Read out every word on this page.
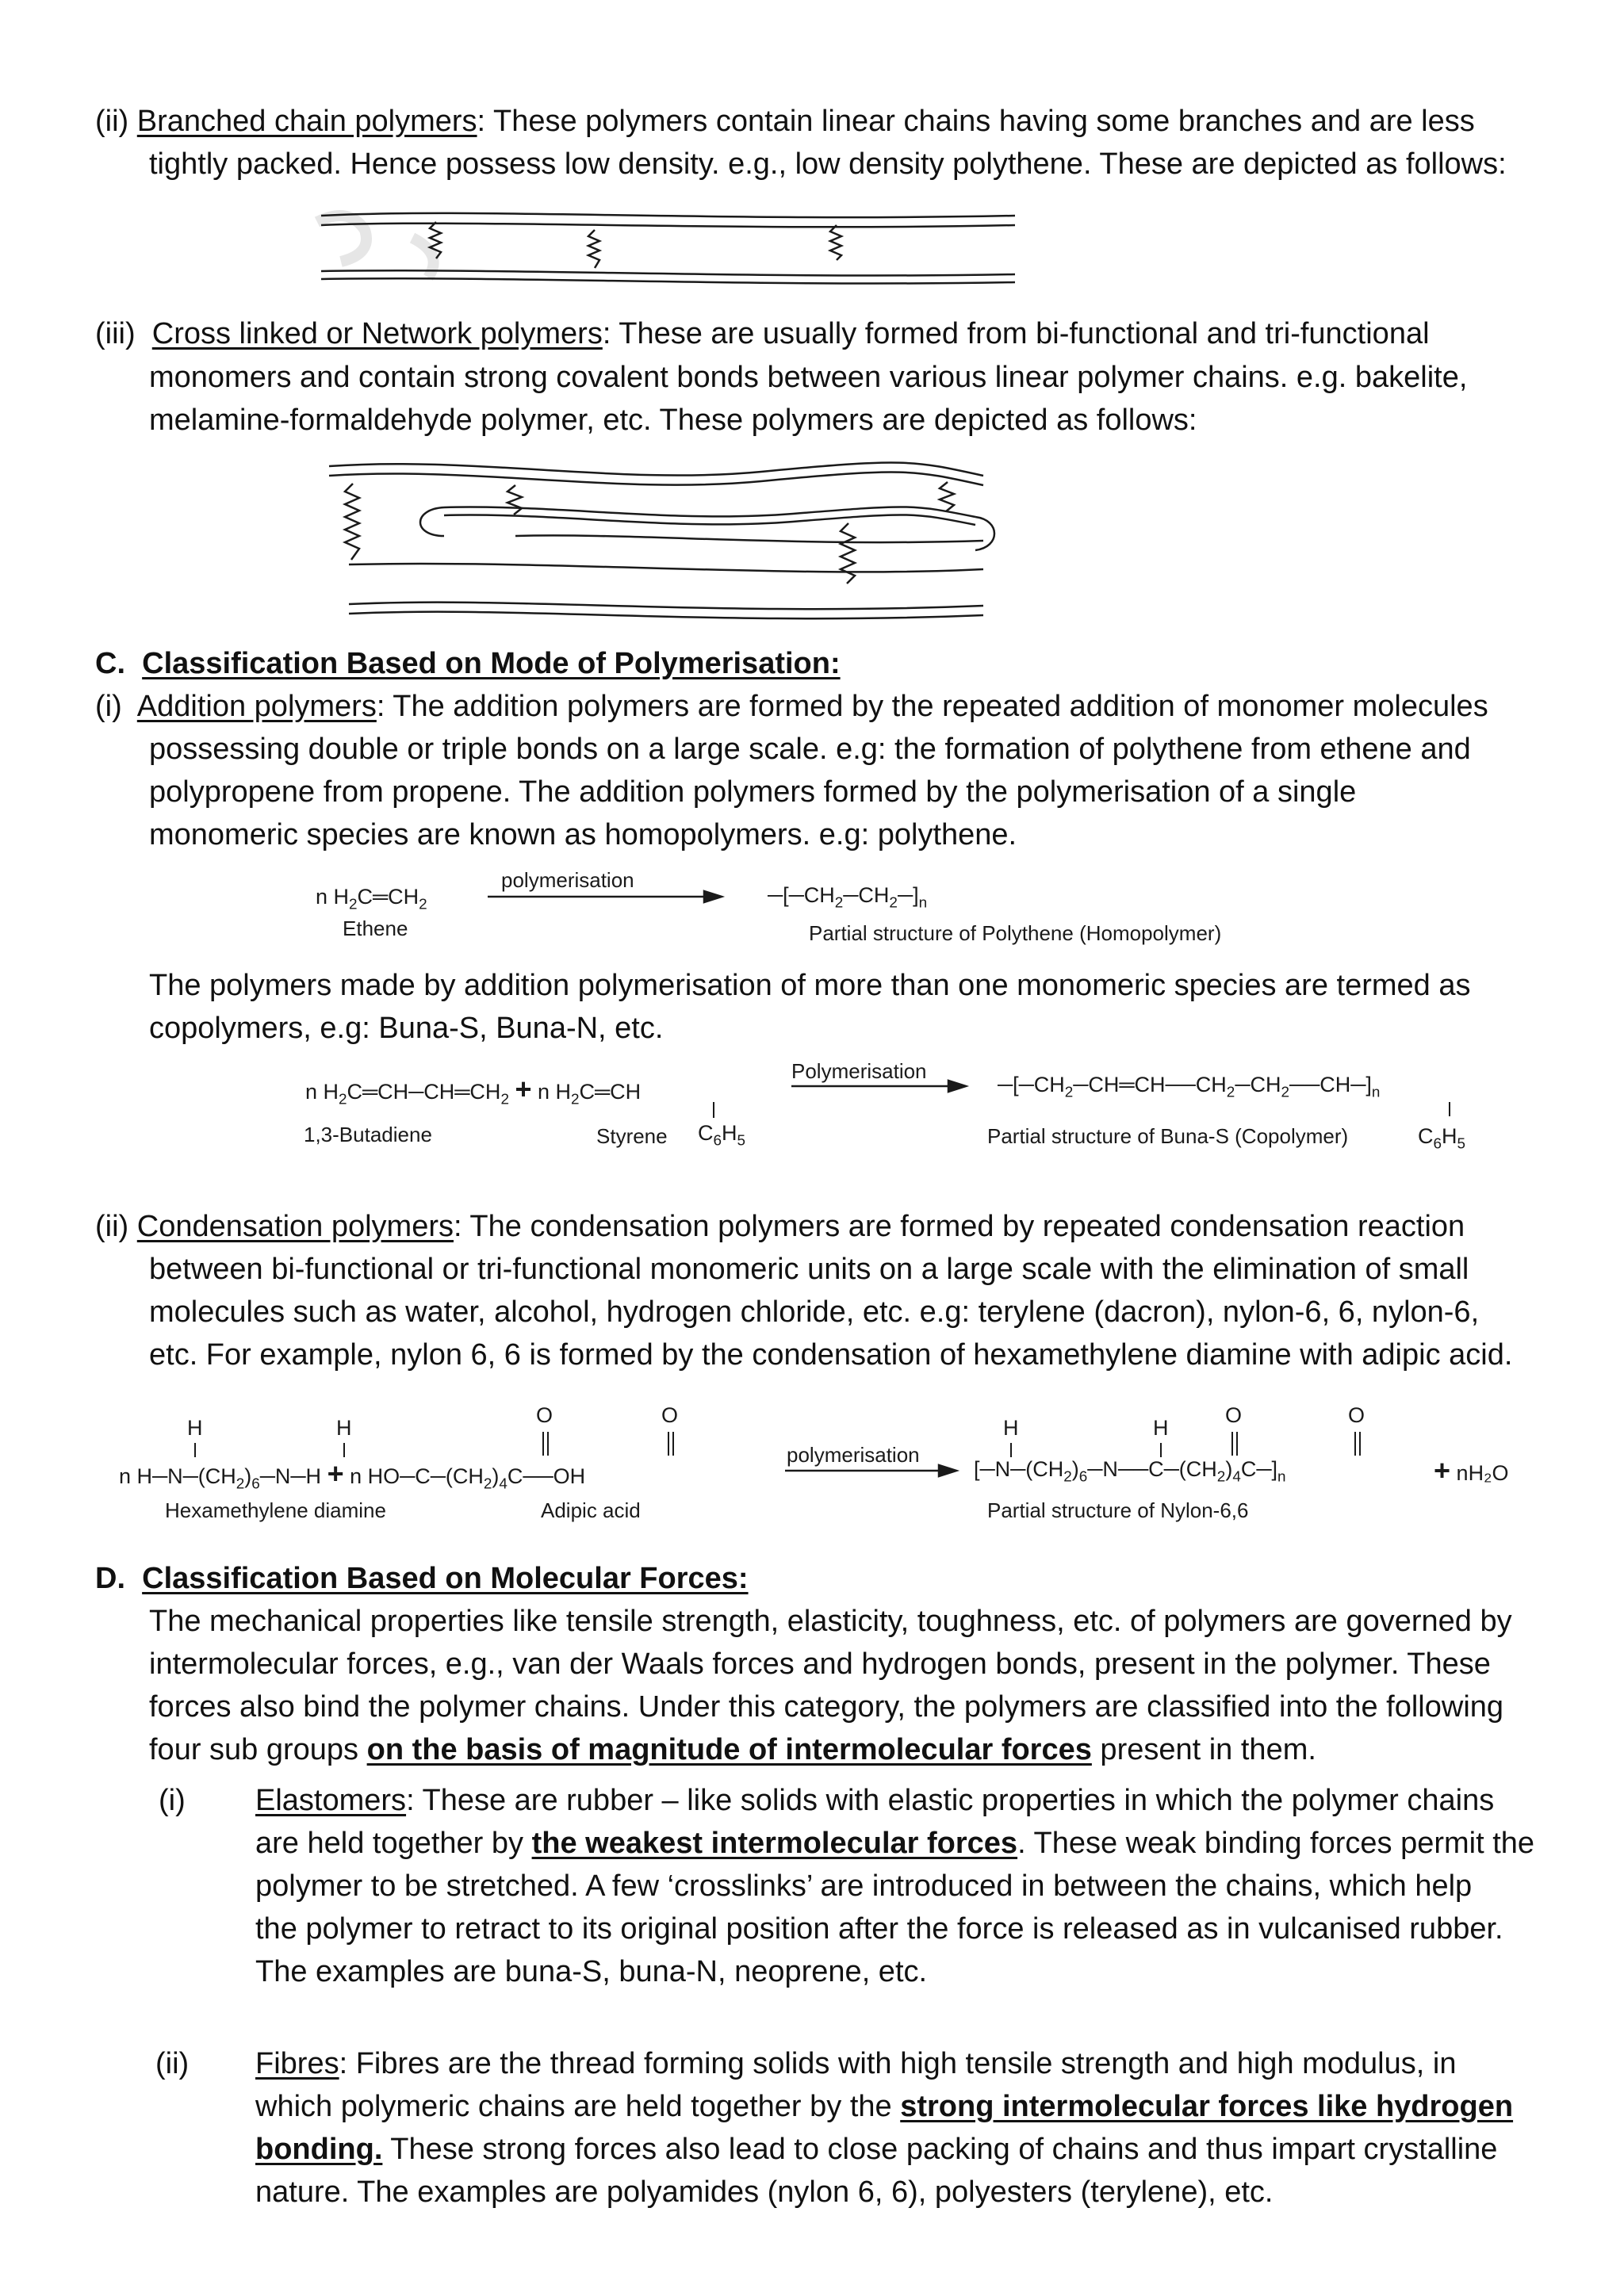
(ii) Branched chain polymers: These polymers contain linear chains having some branches and are less
tightly packed. Hence possess low density. e.g., low density polythene. These are depicted as follows:
(iii) Cross linked or Network polymers: These are usually formed from bi-functional and tri-functional
monomers and contain strong covalent bonds between various linear polymer chains. e.g. bakelite,
melamine-formaldehyde polymer, etc. These polymers are depicted as follows:
C. Classification Based on Mode of Polymerisation:
(i) Addition polymers: The addition polymers are formed by the repeated addition of monomer molecules
possessing double or triple bonds on a large scale. e.g: the formation of polythene from ethene and
polypropene from propene. The addition polymers formed by the polymerisation of a single
monomeric species are known as homopolymers. e.g: polythene.
n $H_2C═CH_2$
Ethene
polymerisation
$─[─CH_2─CH_2─]_n$
Partial structure of Polythene (Homopolymer)
The polymers made by addition polymerisation of more than one monomeric species are termed as
copolymers, e.g: Buna-S, Buna-N, etc.
n $H_2C═CH─CH═CH_2 + n$ $H_2C═CH$
1,3-Butadiene	Styrene $C_6H_5$
Polymerisation
$─[─CH_2─CH═CH──CH_2─CH_2──CH─]_n$
Partial structure of Buna-S (Copolymer)	$C_6H_5$
(ii) Condensation polymers: The condensation polymers are formed by repeated condensation reaction
between bi-functional or tri-functional monomeric units on a large scale with the elimination of small
molecules such as water, alcohol, hydrogen chloride, etc. e.g: terylene (dacron), nylon-6, 6, nylon-6,
etc. For example, nylon 6, 6 is formed by the condensation of hexamethylene diamine with adipic acid.
H	H
O	O
n $H─N─(CH_2)_6─N─H + n$ $HO─C─(CH_2)_4C──OH$
Hexamethylene diamine	Adipic acid
polymerisation
H	H
O	O
$[─N─(CH_2)_6─N──C─(CH_2)_4C─]_n$	+ nH₂O
Partial structure of Nylon-6,6
D. Classification Based on Molecular Forces:
The mechanical properties like tensile strength, elasticity, toughness, etc. of polymers are governed by
intermolecular forces, e.g., van der Waals forces and hydrogen bonds, present in the polymer. These
forces also bind the polymer chains. Under this category, the polymers are classified into the following
four sub groups on the basis of magnitude of intermolecular forces present in them.
(i) Elastomers: These are rubber – like solids with elastic properties in which the polymer chains
are held together by the weakest intermolecular forces. These weak binding forces permit the
polymer to be stretched. A few ‘crosslinks’ are introduced in between the chains, which help
the polymer to retract to its original position after the force is released as in vulcanised rubber.
The examples are buna-S, buna-N, neoprene, etc.
(ii) Fibres: Fibres are the thread forming solids with high tensile strength and high modulus, in
which polymeric chains are held together by the strong intermolecular forces like hydrogen
bonding. These strong forces also lead to close packing of chains and thus impart crystalline
nature. The examples are polyamides (nylon 6, 6), polyesters (terylene), etc.
